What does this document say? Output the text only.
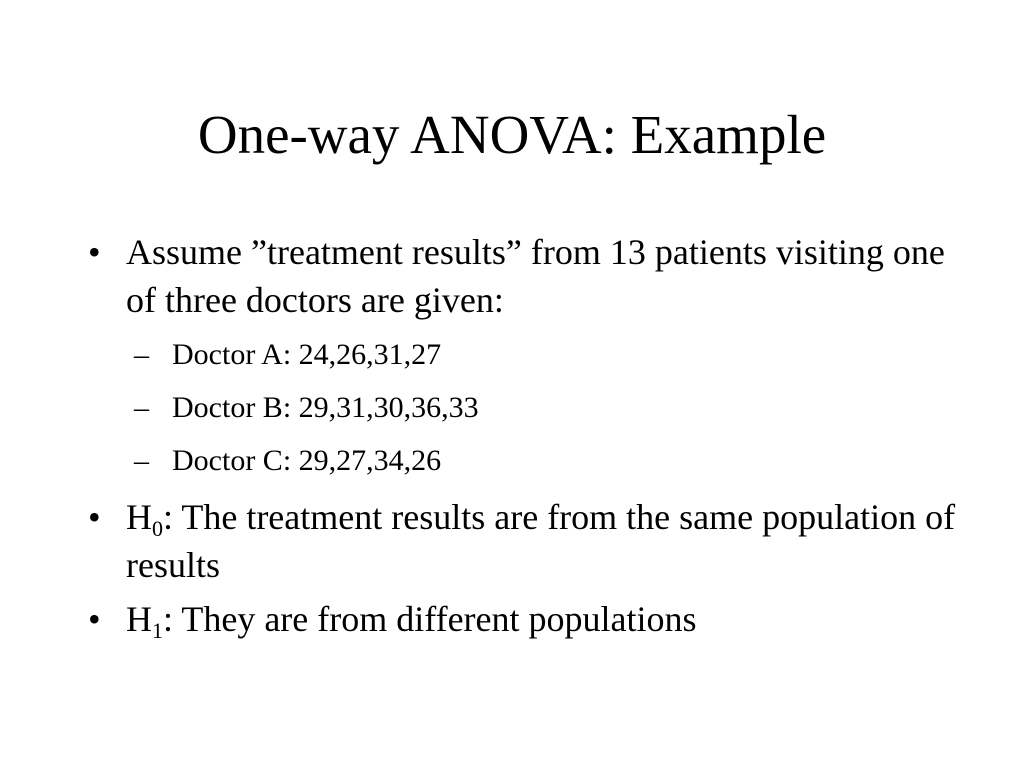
One-way ANOVA: Example
• Assume ”treatment results” from 13 patients visiting one of three doctors are given:
– Doctor A: 24,26,31,27
– Doctor B: 29,31,30,36,33
– Doctor C: 29,27,34,26
• $H_0$: The treatment results are from the same population of results
• $H_1$: They are from different populations
